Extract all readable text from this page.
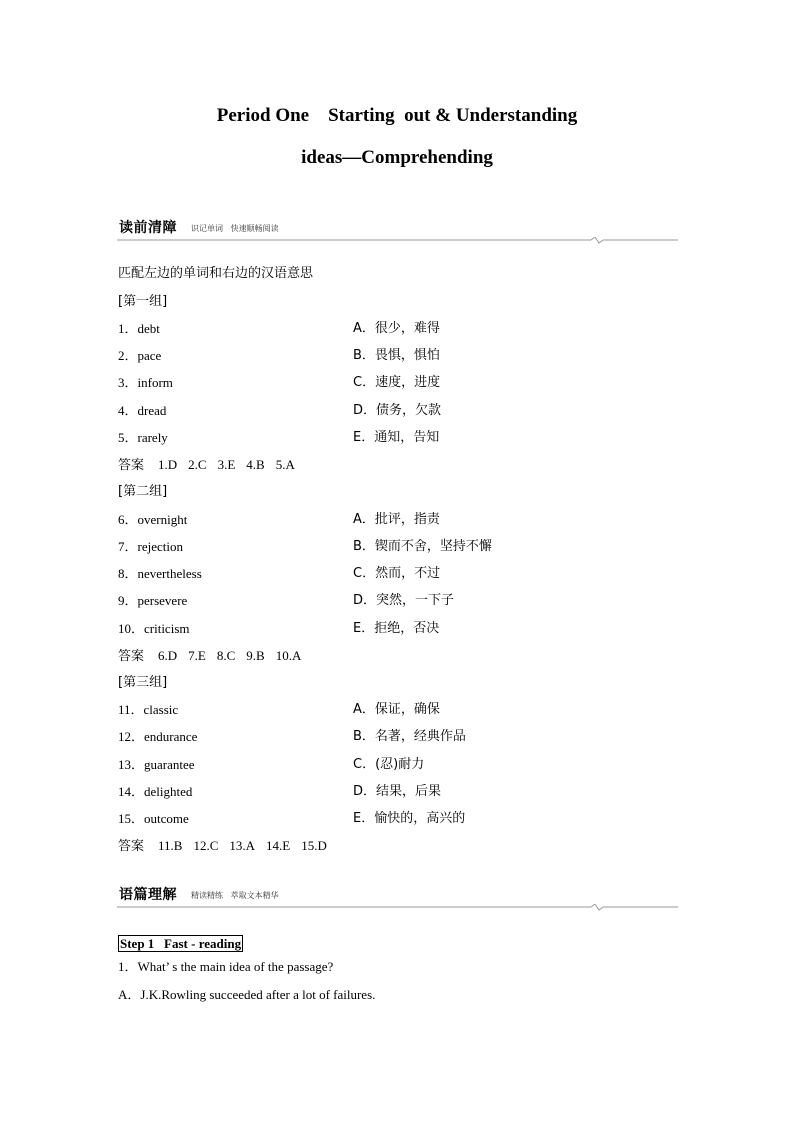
Period One    Starting  out & Understanding
ideas—Comprehending
读前清障 识记单词   快速顺畅阅读
匹配左边的单词和右边的汉语意思
[第一组]
1．debt	A．很少，难得
2．pace	B．畏惧，惧怕
3．inform	C．速度，进度
4．dread	D．债务，欠款
5．rarely	E．通知，告知
答案 1.D 2.C 3.E 4.B 5.A
[第二组]
6．overnight	A．批评，指责
7．rejection	B．锲而不舍，坚持不懈
8．nevertheless	C．然而，不过
9．persevere	D．突然，一下子
10．criticism	E．拒绝，否决
答案 6.D 7.E 8.C 9.B 10.A
[第三组]
11．classic	A．保证，确保
12．endurance	B．名著，经典作品
13．guarantee	C．(忍)耐力
14．delighted	D．结果，后果
15．outcome	E．愉快的，高兴的
答案 11.B 12.C 13.A 14.E 15.D
语篇理解 精读精练   萃取文本精华
Step 1   Fast - reading
1．What’ s the main idea of the passage?
A．J.K.Rowling succeeded after a lot of failures.
